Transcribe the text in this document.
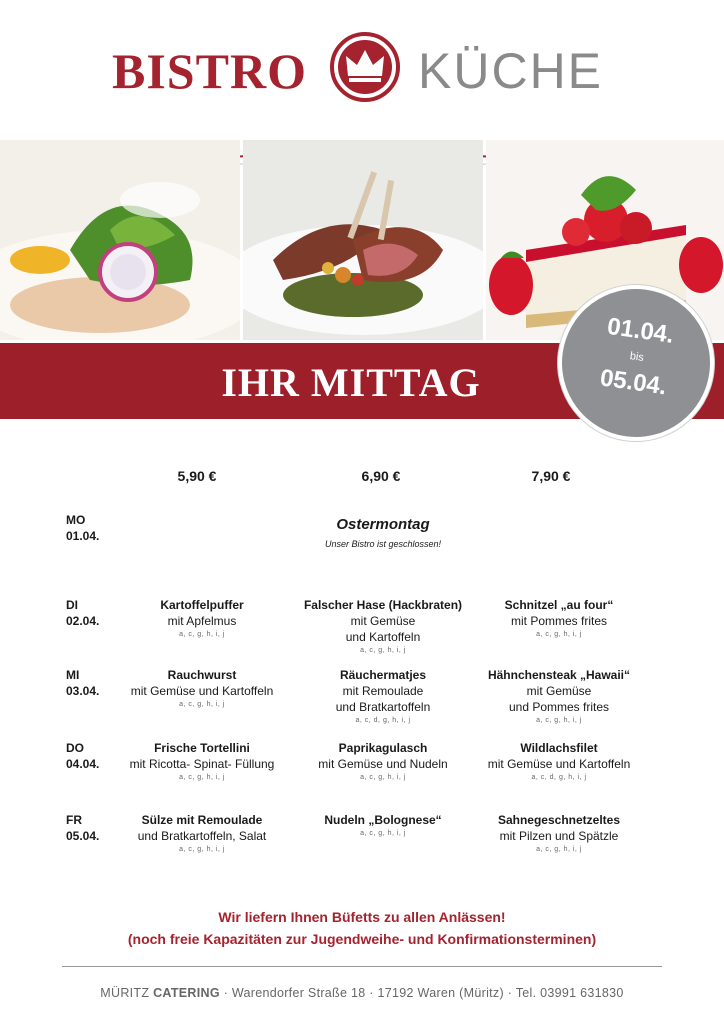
BISTRO KÜCHE
IHR MITTAG
01.04.
bis
05.04.
5,90 €	6,90 €	7,90 €
MO
01.04.
Ostermontag
Unser Bistro ist geschlossen!
DI
02.04.
Kartoffelpuffer
mit Apfelmus
a, c, g, h, i, j
Falscher Hase (Hackbraten)
mit Gemüse
und Kartoffeln
a, c, g, h, i, j
Schnitzel „au four“
mit Pommes frites
a, c, g, h, i, j
MI
03.04.
Rauchwurst
mit Gemüse und Kartoffeln
a, c, g, h, i, j
Räuchermatjes
mit Remoulade
und Bratkartoffeln
a, c, d, g, h, i, j
Hähnchensteak „Hawaii“
mit Gemüse
und Pommes frites
a, c, g, h, i, j
DO
04.04.
Frische Tortellini
mit Ricotta- Spinat- Füllung
a, c, g, h, i, j
Paprikagulasch
mit Gemüse und Nudeln
a, c, g, h, i, j
Wildlachsfilet
mit Gemüse und Kartoffeln
a, c, d, g, h, i, j
FR
05.04.
Sülze mit Remoulade
und Bratkartoffeln, Salat
a, c, g, h, i, j
Nudeln „Bolognese“
a, c, g, h, i, j
Sahnegeschnetzeltes
mit Pilzen und Spätzle
a, c, g, h, i, j
Wir liefern Ihnen Büfetts zu allen Anlässen!
(noch freie Kapazitäten zur Jugendweihe- und Konfirmationsterminen)
MÜRITZ CATERING · Warendorfer Straße 18 · 17192 Waren (Müritz) · Tel. 03991 631830
